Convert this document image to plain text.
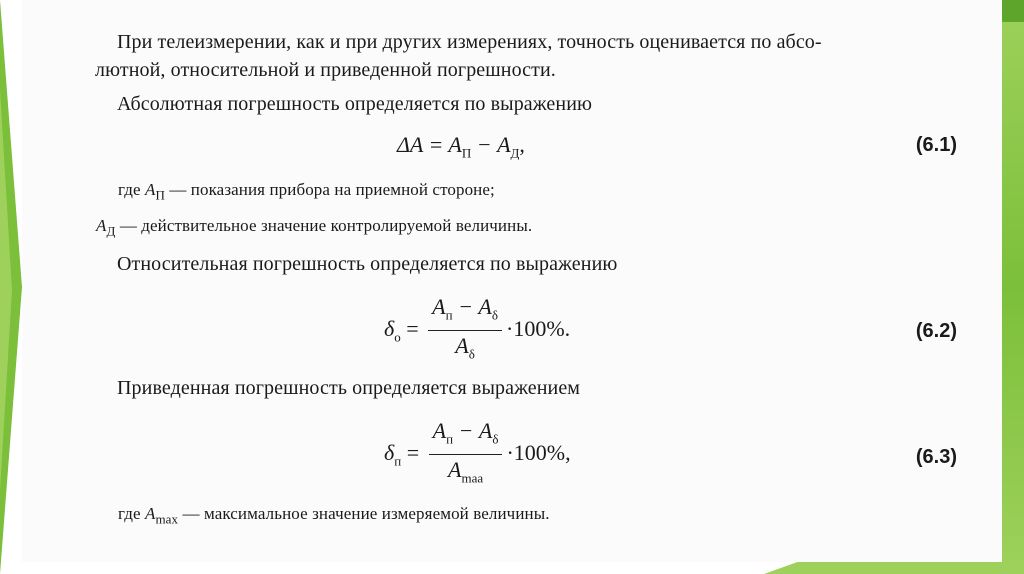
При телеизмерении, как и при других измерениях, точность оценивается по абсо-
лютной, относительной и приведенной погрешности.
Абсолютная погрешность определяется по выражению
$\Delta A = A_П - A_Д$,	(6.1)
где $A_П$ — показания прибора на приемной стороне;
$A_Д$ — действительное значение контролируемой величины.
Относительная погрешность определяется по выражению
$\delta_о = \frac{A_п - A_\delta}{A_\delta} \cdot 100\%$.	(6.2)
Приведенная погрешность определяется выражением
$\delta_п = \frac{A_п - A_\delta}{A_{maa}} \cdot 100\%$,	(6.3)
где $A_{max}$ — максимальное значение измеряемой величины.
